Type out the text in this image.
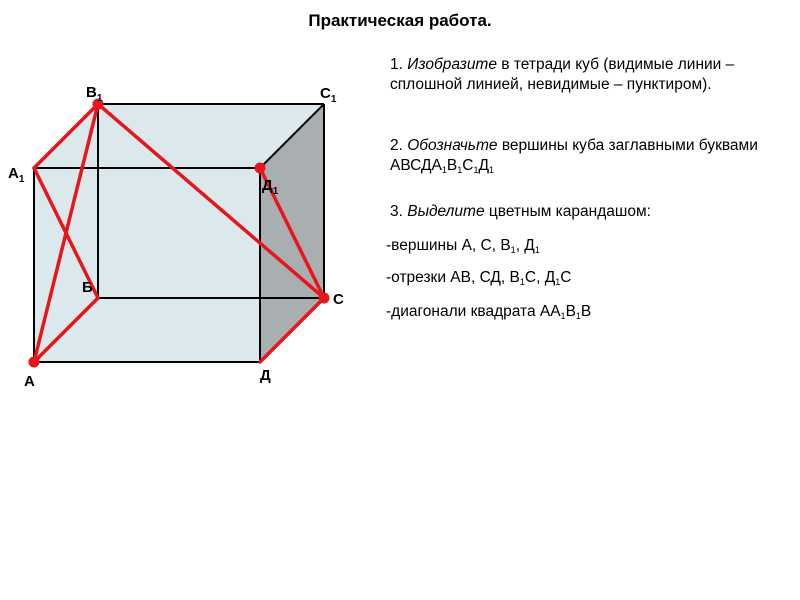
Практическая работа.
А
Б
С
Д
$А_1$
$В_1$	$С_1$
$Д_1$
1. Изобразите в тетради куб (видимые линии – сплошной линией, невидимые – пунктиром).
2. Обозначьте вершины куба заглавными буквами $АВСДА_1В_1С_1Д_1$
3. Выделите цветным карандашом:
-вершины А, С, $В_1$, $Д_1$
-отрезки АВ, СД, $В_1С$, $Д_1С$
-диагонали квадрата $АА_1В_1В$
